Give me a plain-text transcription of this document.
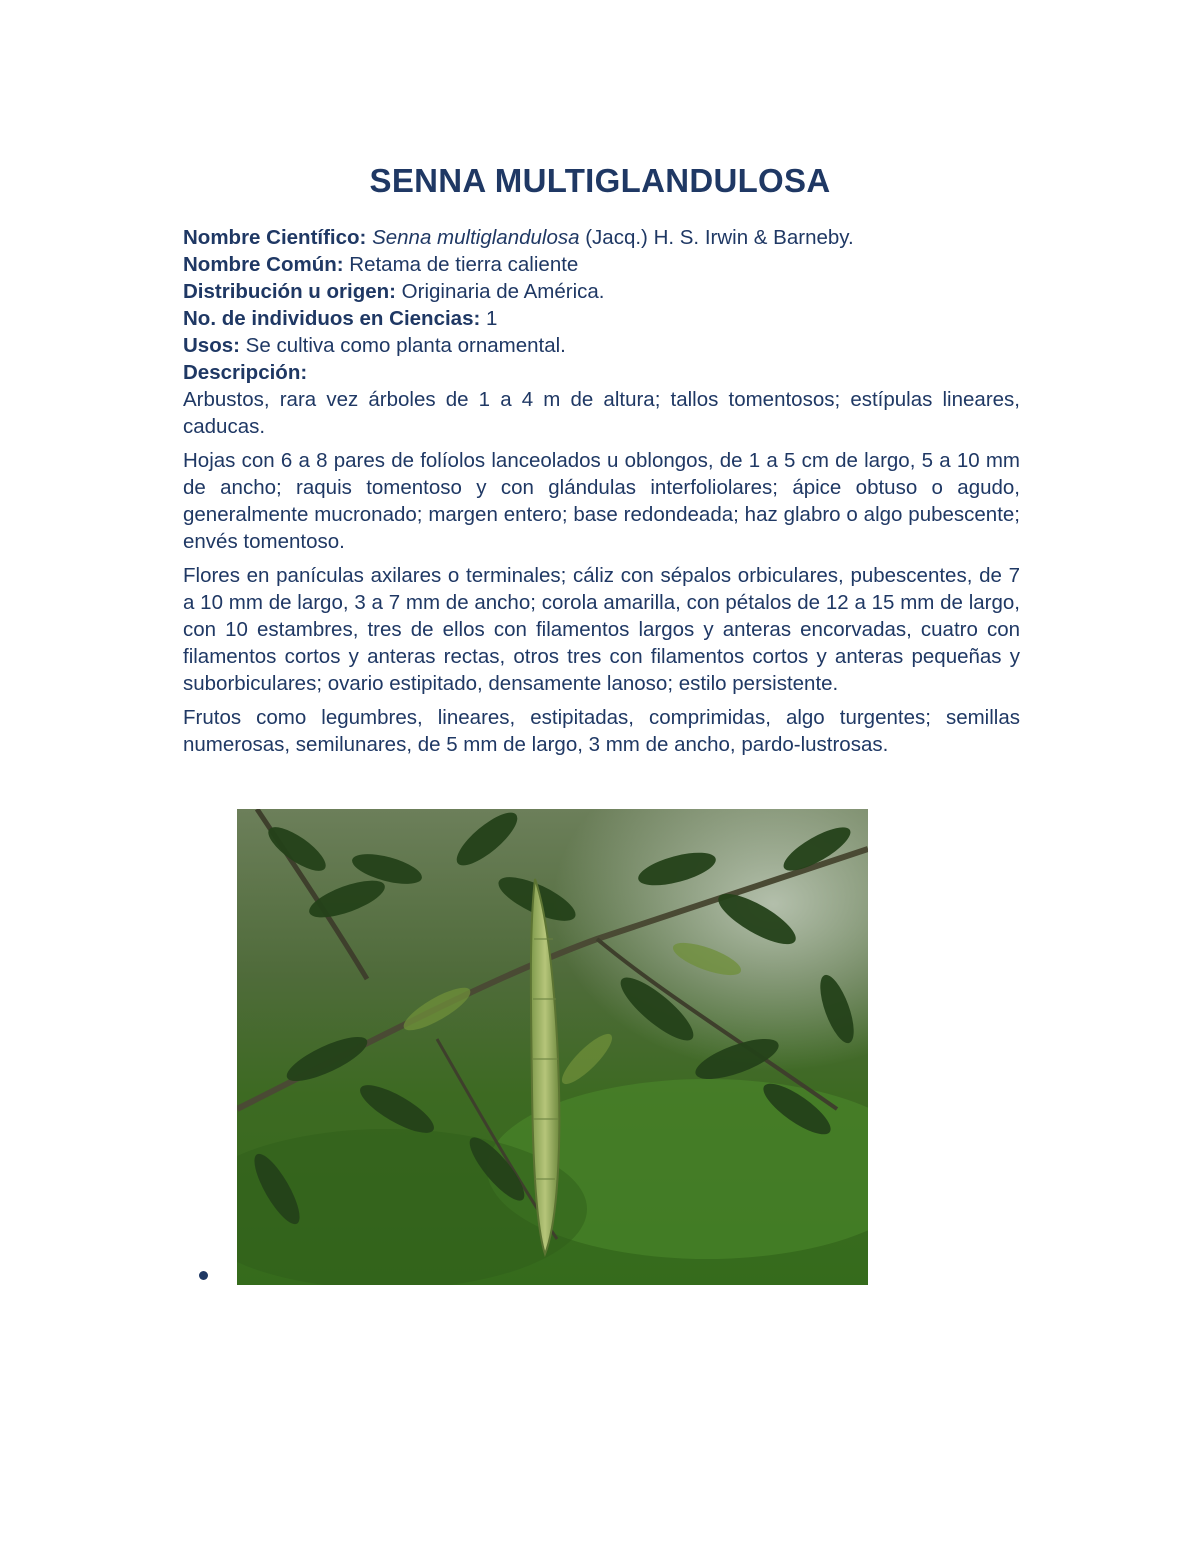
SENNA MULTIGLANDULOSA

Nombre Científico: Senna multiglandulosa (Jacq.) H. S. Irwin & Barneby.

Nombre Común: Retama de tierra caliente

Distribución u origen: Originaria de América.

No. de individuos en Ciencias: 1

Usos: Se cultiva como planta ornamental.

Descripción:

Arbustos, rara vez árboles de 1 a 4 m de altura; tallos tomentosos; estípulas lineares, caducas.

Hojas con 6 a 8 pares de folíolos lanceolados u oblongos, de 1 a 5 cm de largo, 5 a 10 mm de ancho; raquis tomentoso y con glándulas interfoliolares; ápice obtuso o agudo, generalmente mucronado; margen entero; base redondeada; haz glabro o algo pubescente; envés tomentoso.

Flores en panículas axilares o terminales; cáliz con sépalos orbiculares, pubescentes, de 7 a 10 mm de largo, 3 a 7 mm de ancho; corola amarilla, con pétalos de 12 a 15 mm de largo, con 10 estambres, tres de ellos con filamentos largos y anteras encorvadas, cuatro con filamentos cortos y anteras rectas, otros tres con filamentos cortos y anteras pequeñas y suborbiculares; ovario estipitado, densamente lanoso; estilo persistente.

Frutos como legumbres, lineares, estipitadas, comprimidas, algo turgentes; semillas numerosas, semilunares, de 5 mm de largo, 3 mm de ancho, pardo-lustrosas.
